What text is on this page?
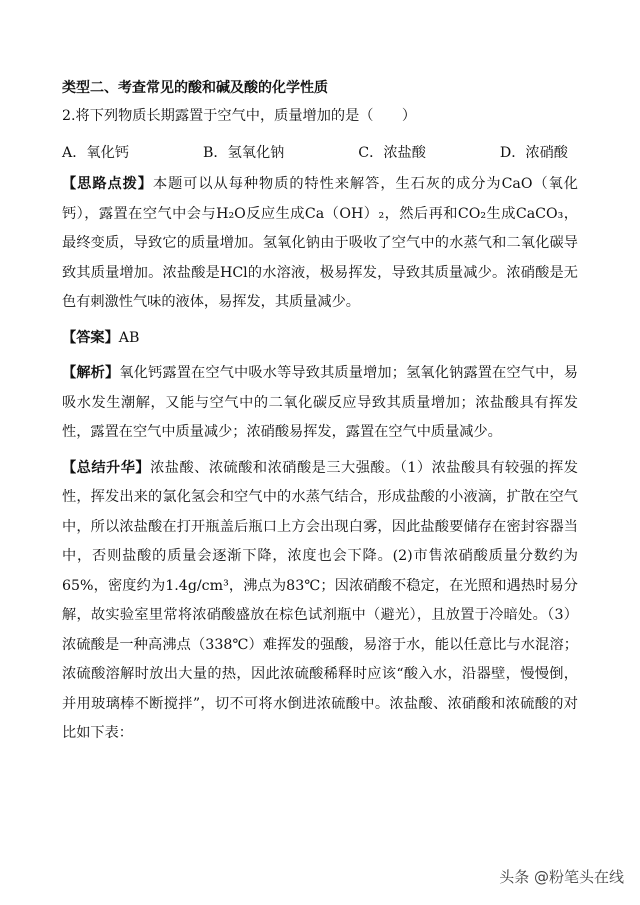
类型二、考查常见的酸和碱及酸的化学性质
2.将下列物质长期露置于空气中，质量增加的是（　　）
A．氧化钙	B．氢氧化钠	C．浓盐酸	D．浓硝酸
【思路点拨】本题可以从每种物质的特性来解答，生石灰的成分为CaO（氧化钙），露置在空气中会与H₂O反应生成Ca（OH）₂，然后再和CO₂生成CaCO₃，最终变质，导致它的质量增加。氢氧化钠由于吸收了空气中的水蒸气和二氧化碳导致其质量增加。浓盐酸是HCl的水溶液，极易挥发，导致其质量减少。浓硝酸是无色有刺激性气味的液体，易挥发，其质量减少。
【答案】AB
【解析】氧化钙露置在空气中吸水等导致其质量增加；氢氧化钠露置在空气中，易吸水发生潮解，又能与空气中的二氧化碳反应导致其质量增加；浓盐酸具有挥发性，露置在空气中质量减少；浓硝酸易挥发，露置在空气中质量减少。
【总结升华】浓盐酸、浓硫酸和浓硝酸是三大强酸。（1）浓盐酸具有较强的挥发性，挥发出来的氯化氢会和空气中的水蒸气结合，形成盐酸的小液滴，扩散在空气中，所以浓盐酸在打开瓶盖后瓶口上方会出现白雾，因此盐酸要储存在密封容器当中，否则盐酸的质量会逐渐下降，浓度也会下降。(2)市售浓硝酸质量分数约为65%，密度约为1.4g/cm³，沸点为83℃；因浓硝酸不稳定，在光照和遇热时易分解，故实验室里常将浓硝酸盛放在棕色试剂瓶中（避光），且放置于冷暗处。（3）浓硫酸是一种高沸点（338℃）难挥发的强酸，易溶于水，能以任意比与水混溶；浓硫酸溶解时放出大量的热，因此浓硫酸稀释时应该“酸入水，沿器壁，慢慢倒，并用玻璃棒不断搅拌”，切不可将水倒进浓硫酸中。浓盐酸、浓硝酸和浓硫酸的对比如下表：
头条 @粉笔头在线
